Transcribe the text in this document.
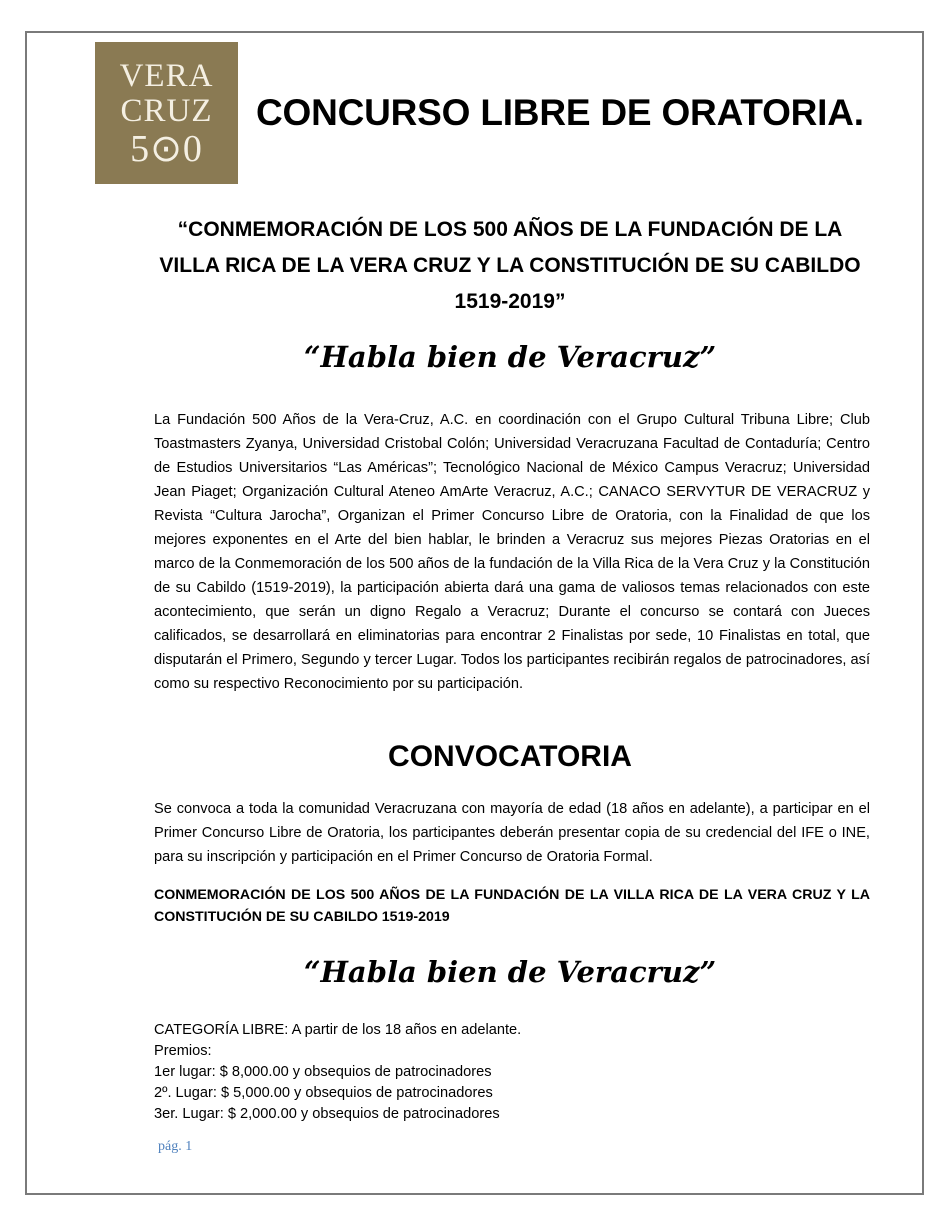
VERA
CRUZ
5⊙0
CONCURSO LIBRE DE ORATORIA.
“CONMEMORACIÓN DE LOS 500 AÑOS DE LA FUNDACIÓN DE LA VILLA RICA DE LA VERA CRUZ Y LA CONSTITUCIÓN DE SU CABILDO 1519-2019”
“Habla bien de Veracruz”
La Fundación 500 Años de la Vera-Cruz, A.C. en coordinación con el Grupo Cultural Tribuna Libre; Club Toastmasters Zyanya, Universidad Cristobal Colón; Universidad Veracruzana Facultad de Contaduría; Centro de Estudios Universitarios “Las Américas”; Tecnológico Nacional de México Campus Veracruz; Universidad Jean Piaget; Organización Cultural Ateneo AmArte Veracruz, A.C.; CANACO SERVYTUR DE VERACRUZ y Revista “Cultura Jarocha”, Organizan el Primer Concurso Libre de Oratoria, con la Finalidad de que los mejores exponentes en el Arte del bien hablar, le brinden a Veracruz sus mejores Piezas Oratorias en el marco de la Conmemoración de los 500 años de la fundación de la Villa Rica de la Vera Cruz y la Constitución de su Cabildo (1519-2019), la participación abierta dará una gama de valiosos temas relacionados con este acontecimiento, que serán un digno Regalo a Veracruz; Durante el concurso se contará con Jueces calificados, se desarrollará en eliminatorias para encontrar 2 Finalistas por sede, 10 Finalistas en total, que disputarán el Primero, Segundo y tercer Lugar. Todos los participantes recibirán regalos de patrocinadores, así como su respectivo Reconocimiento por su participación.
CONVOCATORIA
Se convoca a toda la comunidad Veracruzana con mayoría de edad (18 años en adelante), a participar en el Primer Concurso Libre de Oratoria, los participantes deberán presentar copia de su credencial del IFE o INE, para su inscripción y participación en el Primer Concurso de Oratoria Formal.
CONMEMORACIÓN DE LOS 500 AÑOS DE LA FUNDACIÓN DE LA VILLA RICA DE LA VERA CRUZ Y LA CONSTITUCIÓN DE SU CABILDO 1519-2019
“Habla bien de Veracruz”
CATEGORÍA LIBRE: A partir de los 18 años en adelante.
Premios:
1er lugar: $ 8,000.00 y obsequios de patrocinadores
2º. Lugar: $ 5,000.00 y obsequios de patrocinadores
3er. Lugar: $ 2,000.00 y obsequios de patrocinadores
pág. 1
